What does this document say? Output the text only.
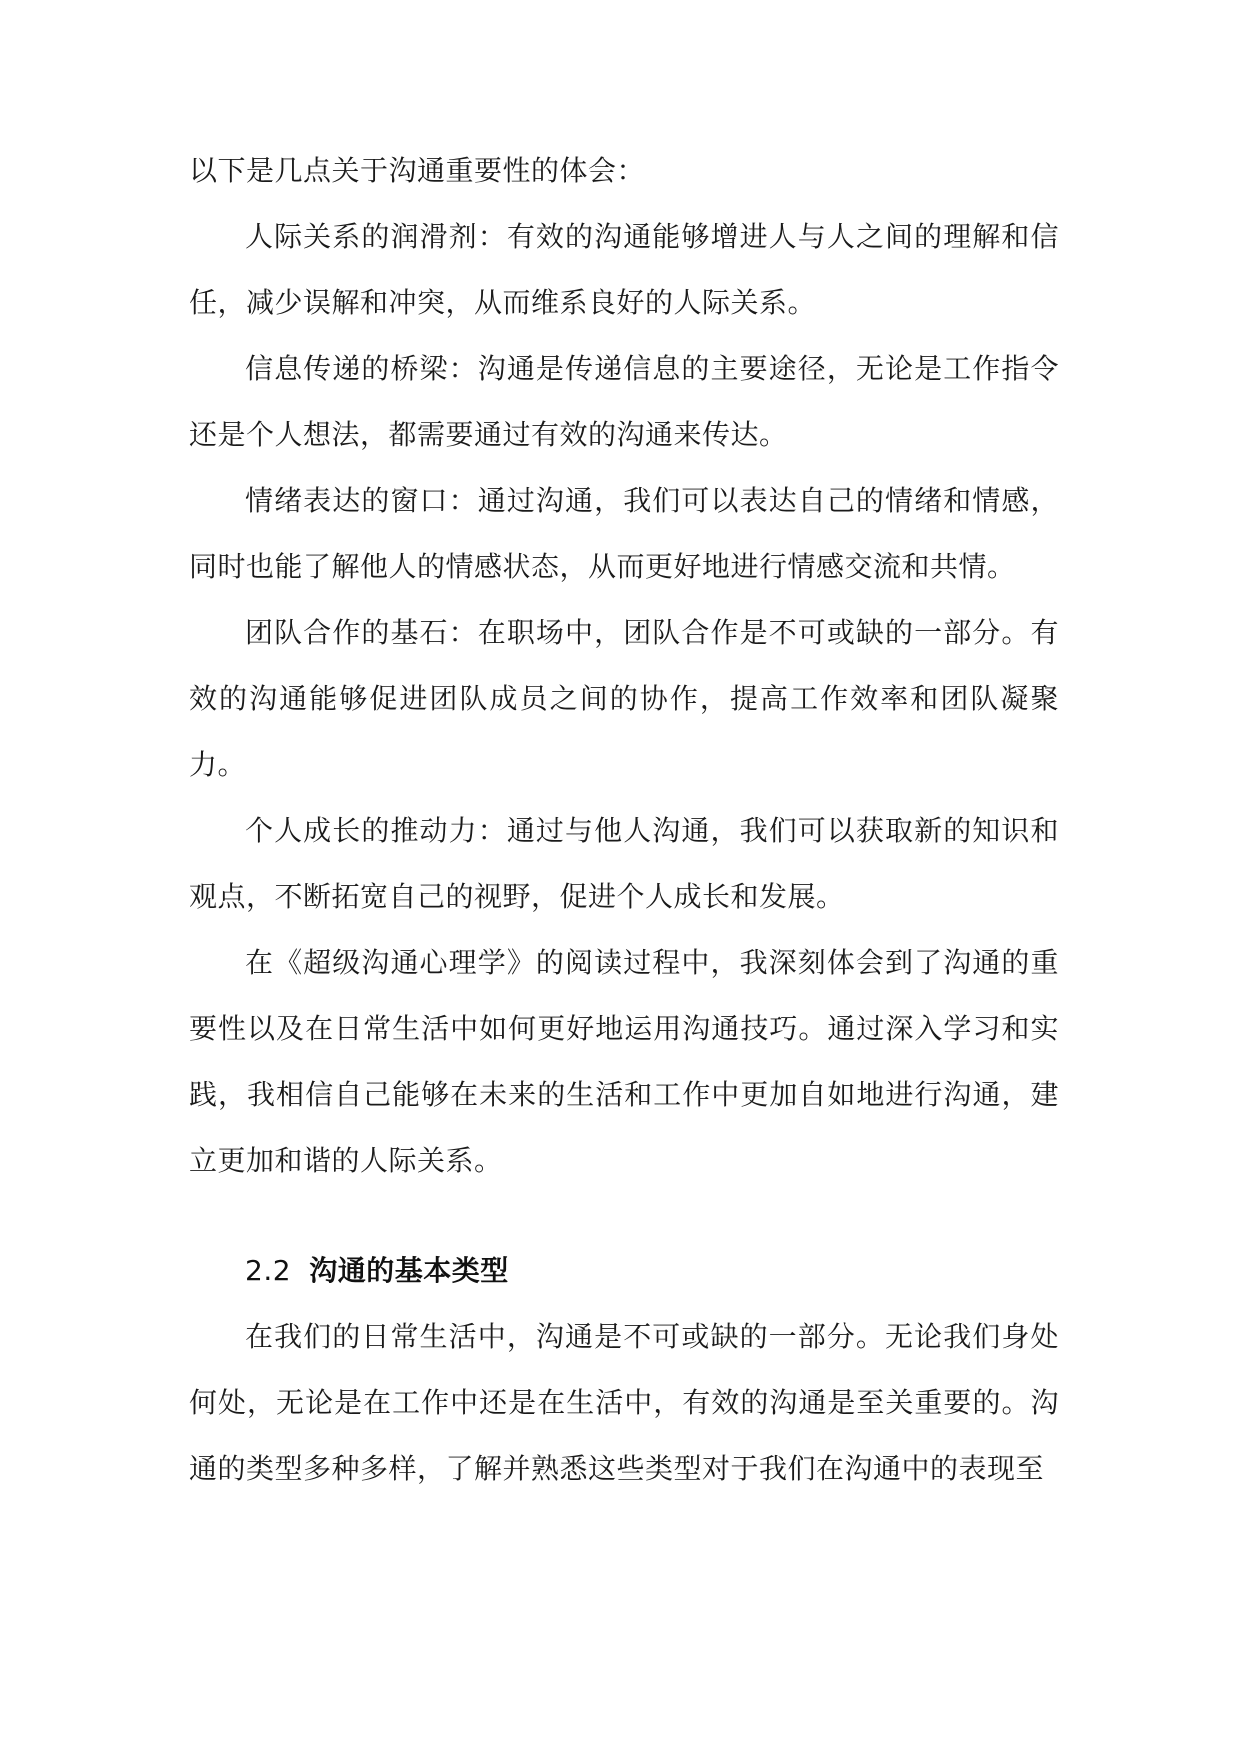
以下是几点关于沟通重要性的体会：

人际关系的润滑剂：有效的沟通能够增进人与人之间的理解和信任，减少误解和冲突，从而维系良好的人际关系。

信息传递的桥梁：沟通是传递信息的主要途径，无论是工作指令还是个人想法，都需要通过有效的沟通来传达。

情绪表达的窗口：通过沟通，我们可以表达自己的情绪和情感，同时也能了解他人的情感状态，从而更好地进行情感交流和共情。

团队合作的基石：在职场中，团队合作是不可或缺的一部分。有效的沟通能够促进团队成员之间的协作，提高工作效率和团队凝聚力。

个人成长的推动力：通过与他人沟通，我们可以获取新的知识和观点，不断拓宽自己的视野，促进个人成长和发展。

在《超级沟通心理学》的阅读过程中，我深刻体会到了沟通的重要性以及在日常生活中如何更好地运用沟通技巧。通过深入学习和实践，我相信自己能够在未来的生活和工作中更加自如地进行沟通，建立更加和谐的人际关系。

2.2 沟通的基本类型

在我们的日常生活中，沟通是不可或缺的一部分。无论我们身处何处，无论是在工作中还是在生活中，有效的沟通是至关重要的。沟通的类型多种多样，了解并熟悉这些类型对于我们在沟通中的表现至
